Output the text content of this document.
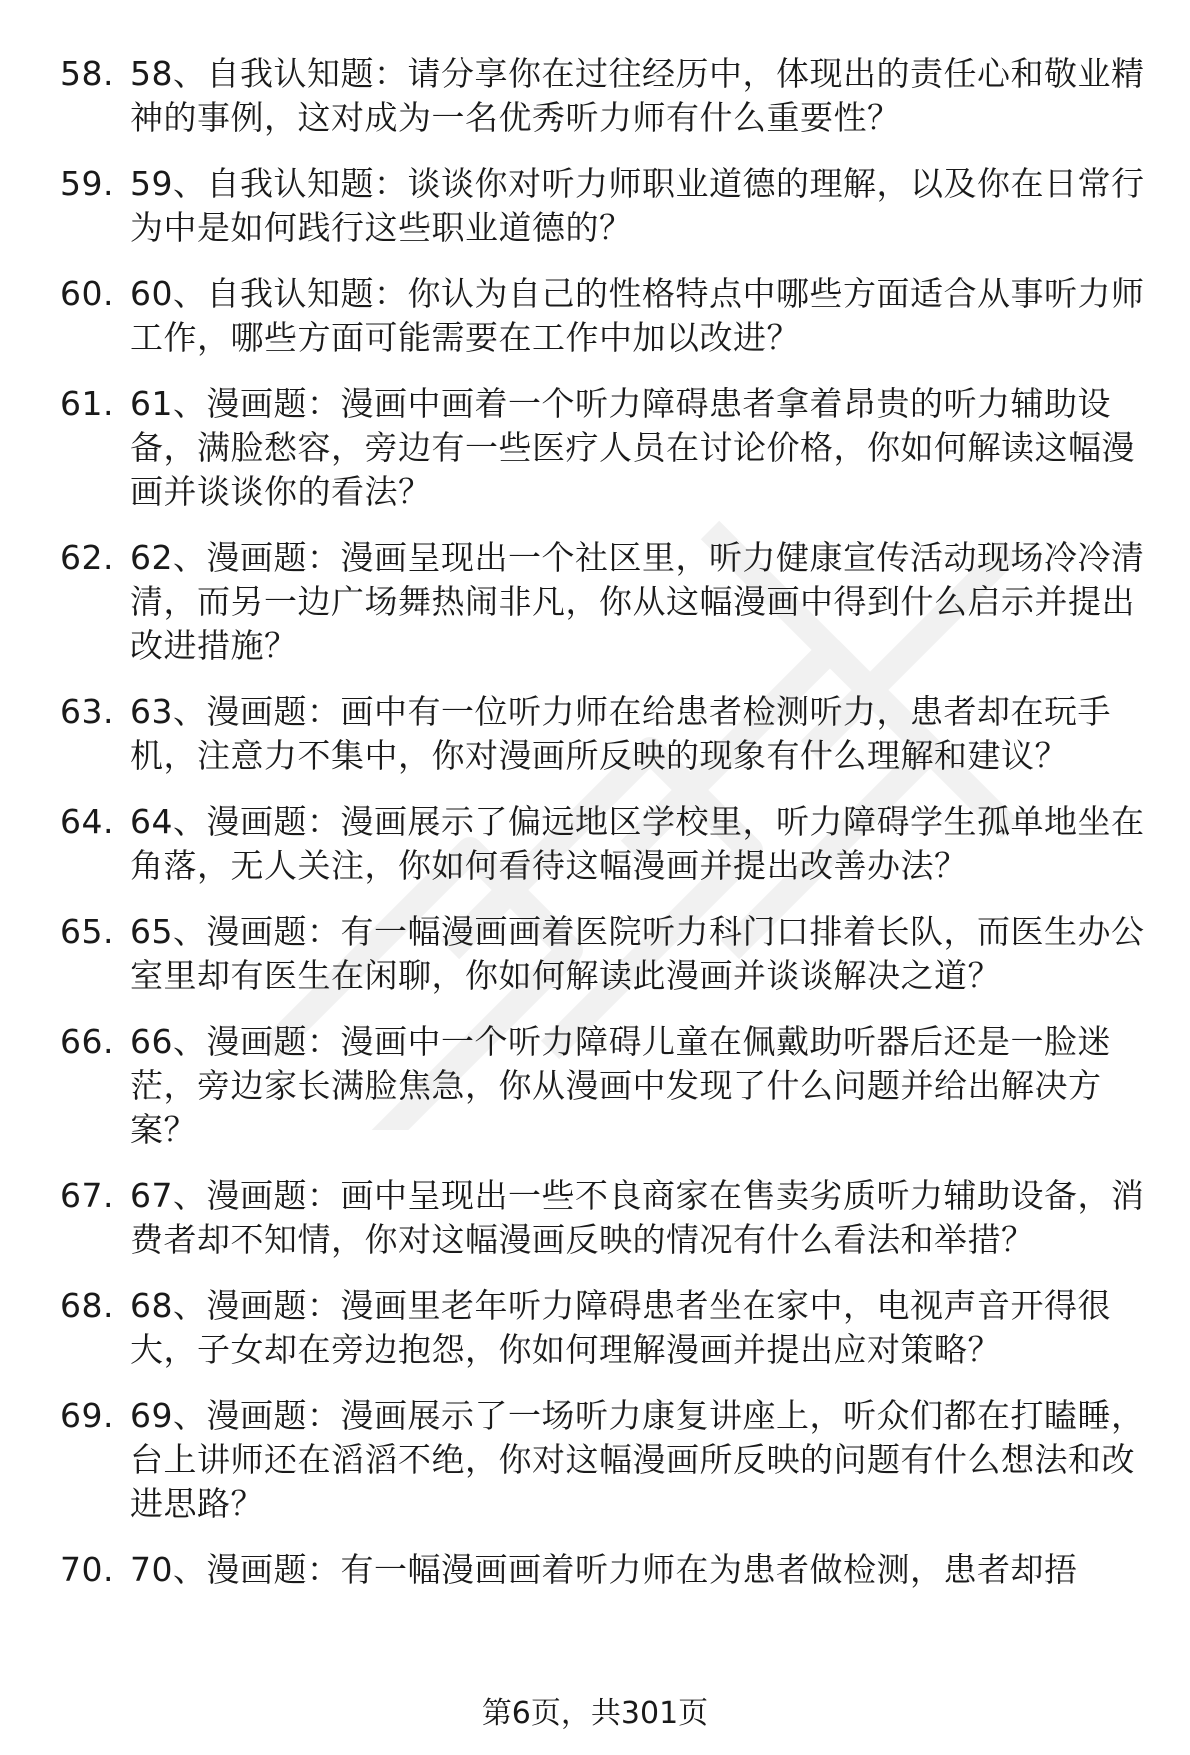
58. 58、自我认知题：请分享你在过往经历中，体现出的责任心和敬业精神的事例，这对成为一名优秀听力师有什么重要性？
59. 59、自我认知题：谈谈你对听力师职业道德的理解，以及你在日常行为中是如何践行这些职业道德的？
60. 60、自我认知题：你认为自己的性格特点中哪些方面适合从事听力师工作，哪些方面可能需要在工作中加以改进？
61. 61、漫画题：漫画中画着一个听力障碍患者拿着昂贵的听力辅助设备，满脸愁容，旁边有一些医疗人员在讨论价格，你如何解读这幅漫画并谈谈你的看法？
62. 62、漫画题：漫画呈现出一个社区里，听力健康宣传活动现场冷冷清清，而另一边广场舞热闹非凡，你从这幅漫画中得到什么启示并提出改进措施？
63. 63、漫画题：画中有一位听力师在给患者检测听力，患者却在玩手机，注意力不集中，你对漫画所反映的现象有什么理解和建议？
64. 64、漫画题：漫画展示了偏远地区学校里，听力障碍学生孤单地坐在角落，无人关注，你如何看待这幅漫画并提出改善办法？
65. 65、漫画题：有一幅漫画画着医院听力科门口排着长队，而医生办公室里却有医生在闲聊，你如何解读此漫画并谈谈解决之道？
66. 66、漫画题：漫画中一个听力障碍儿童在佩戴助听器后还是一脸迷茫，旁边家长满脸焦急，你从漫画中发现了什么问题并给出解决方案？
67. 67、漫画题：画中呈现出一些不良商家在售卖劣质听力辅助设备，消费者却不知情，你对这幅漫画反映的情况有什么看法和举措？
68. 68、漫画题：漫画里老年听力障碍患者坐在家中，电视声音开得很大，子女却在旁边抱怨，你如何理解漫画并提出应对策略？
69. 69、漫画题：漫画展示了一场听力康复讲座上，听众们都在打瞌睡，台上讲师还在滔滔不绝，你对这幅漫画所反映的问题有什么想法和改进思路？
70. 70、漫画题：有一幅漫画画着听力师在为患者做检测，患者却捂
第6页，共301页
